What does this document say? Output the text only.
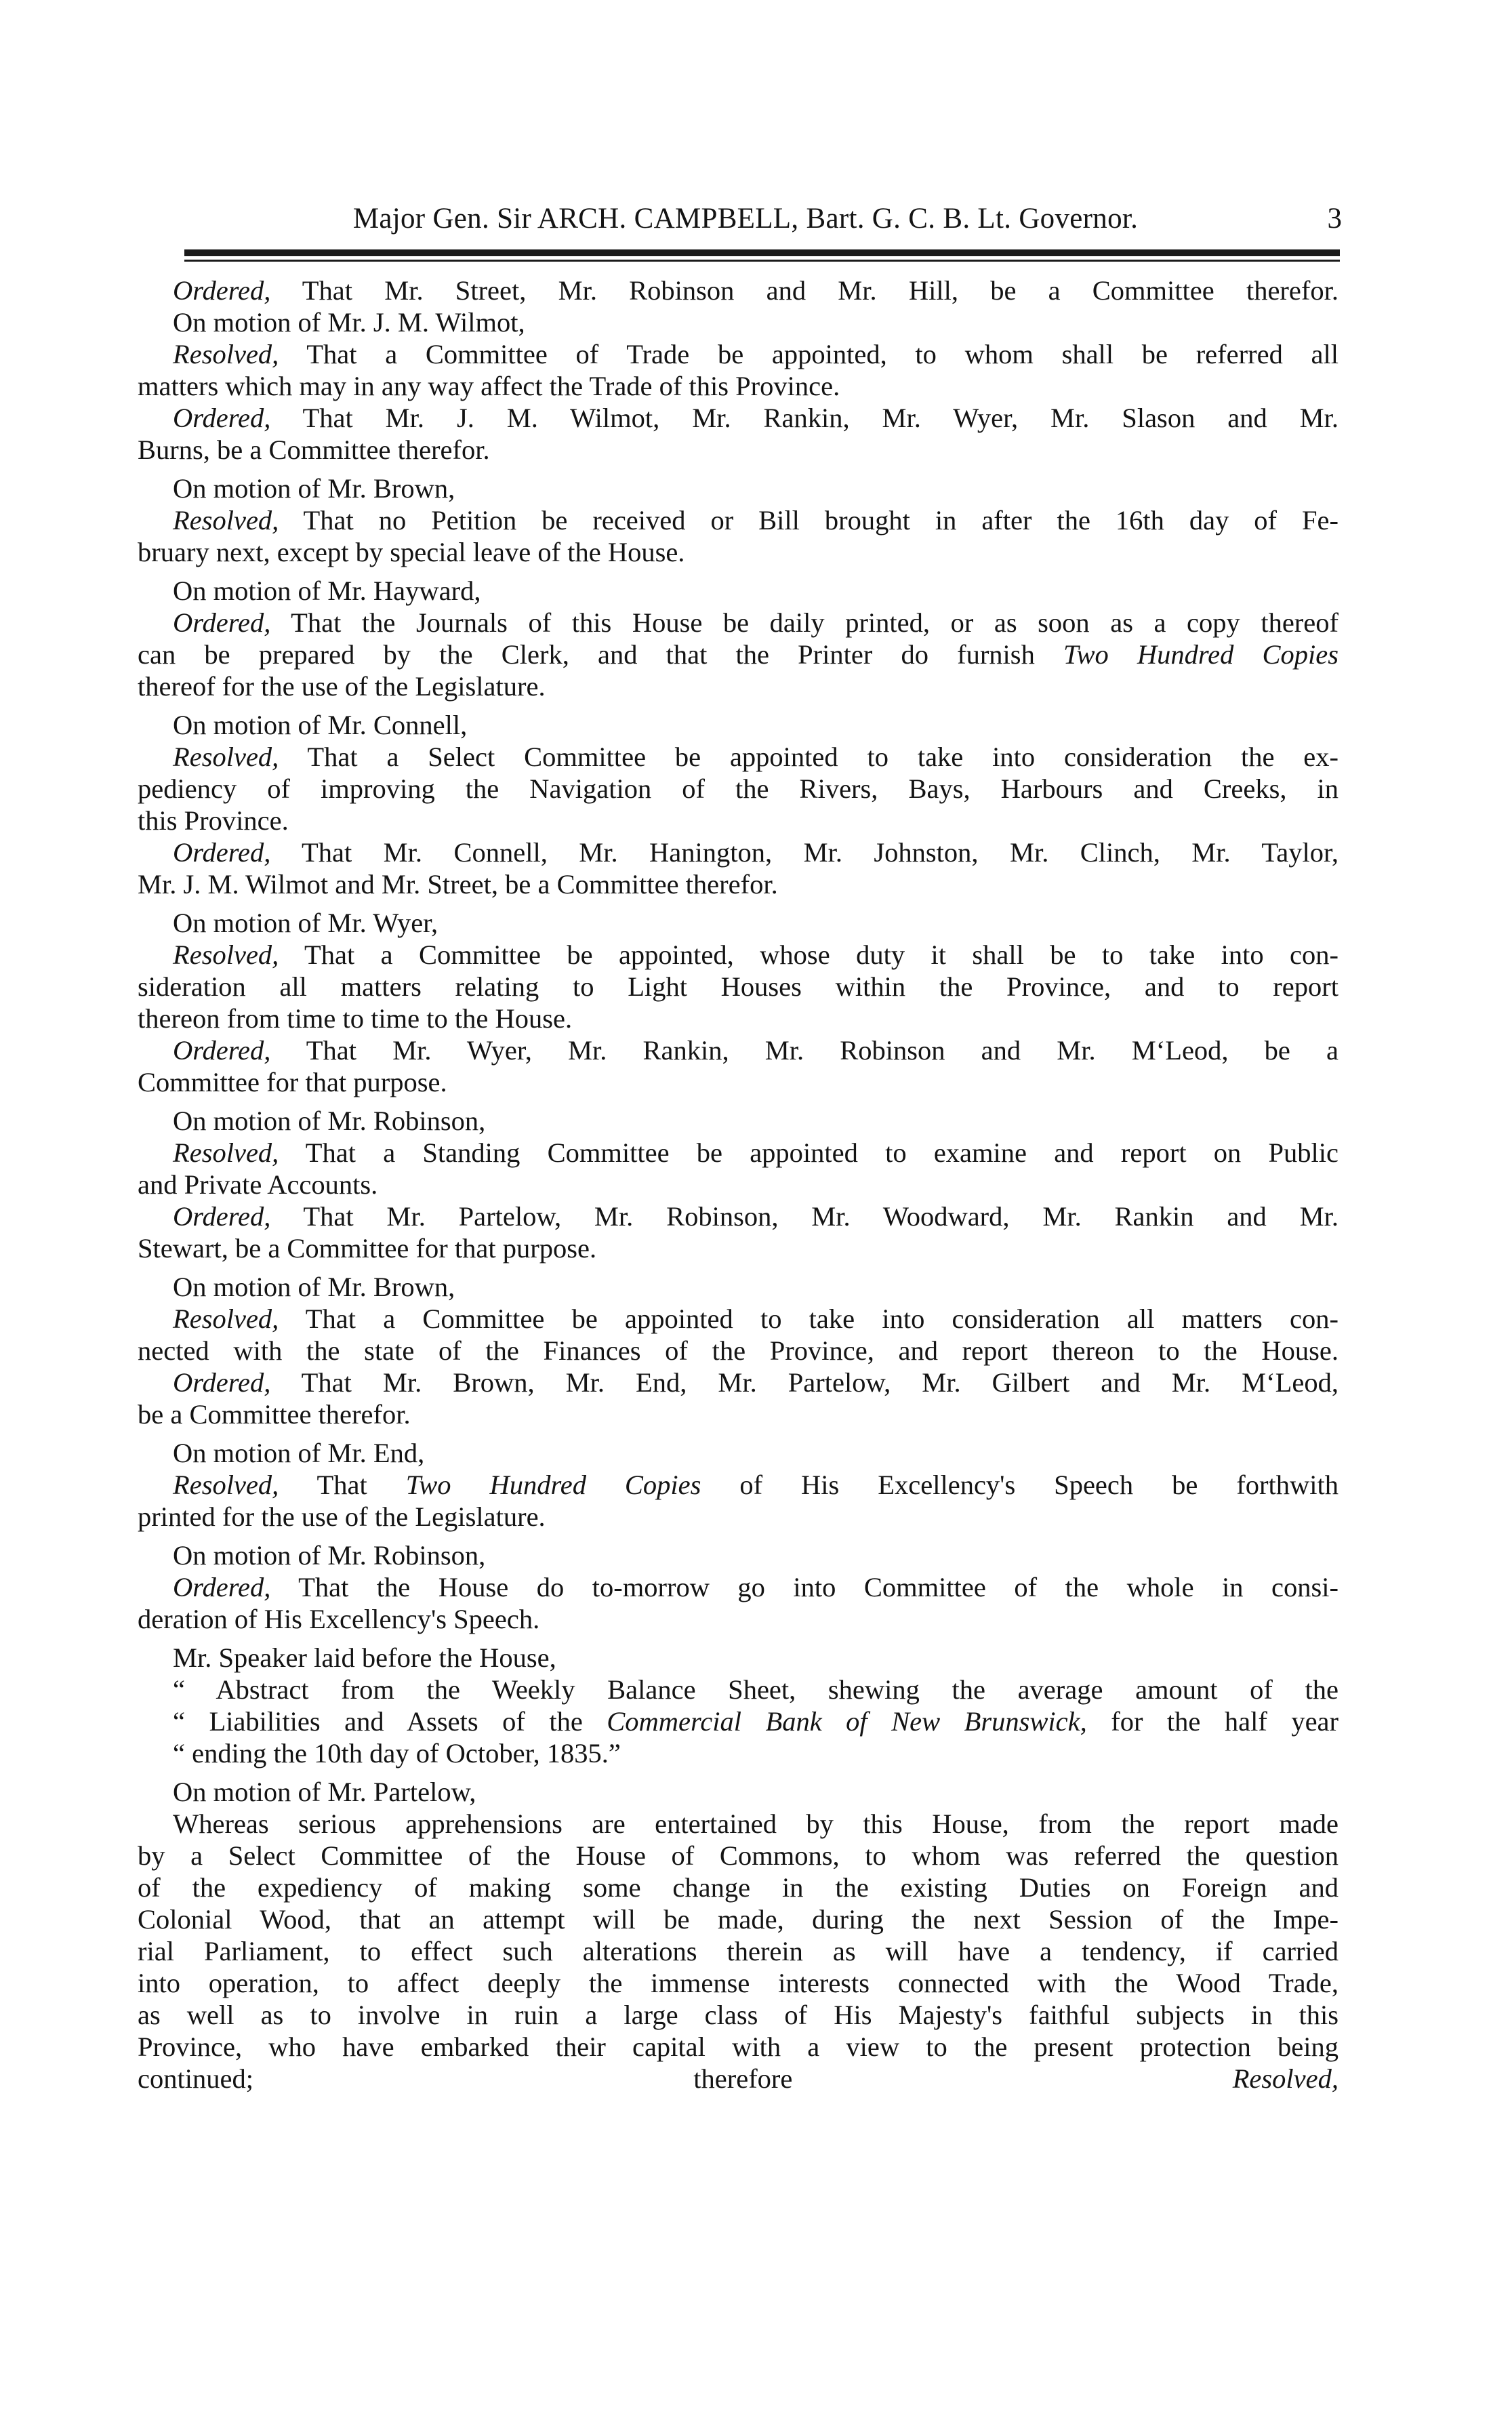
Major Gen. Sir ARCH. CAMPBELL, Bart. G. C. B. Lt. Governor.	3
Ordered, That Mr. Street, Mr. Robinson and Mr. Hill, be a Committee therefor.
On motion of Mr. J. M. Wilmot,
Resolved, That a Committee of Trade be appointed, to whom shall be referred all
matters which may in any way affect the Trade of this Province.
Ordered, That Mr. J. M. Wilmot, Mr. Rankin, Mr. Wyer, Mr. Slason and Mr.
Burns, be a Committee therefor.
On motion of Mr. Brown,
Resolved, That no Petition be received or Bill brought in after the 16th day of Fe-
bruary next, except by special leave of the House.
On motion of Mr. Hayward,
Ordered, That the Journals of this House be daily printed, or as soon as a copy thereof
can be prepared by the Clerk, and that the Printer do furnish Two Hundred Copies
thereof for the use of the Legislature.
On motion of Mr. Connell,
Resolved, That a Select Committee be appointed to take into consideration the ex-
pediency of improving the Navigation of the Rivers, Bays, Harbours and Creeks, in
this Province.
Ordered, That Mr. Connell, Mr. Hanington, Mr. Johnston, Mr. Clinch, Mr. Taylor,
Mr. J. M. Wilmot and Mr. Street, be a Committee therefor.
On motion of Mr. Wyer,
Resolved, That a Committee be appointed, whose duty it shall be to take into con-
sideration all matters relating to Light Houses within the Province, and to report
thereon from time to time to the House.
Ordered, That Mr. Wyer, Mr. Rankin, Mr. Robinson and Mr. M‘Leod, be a
Committee for that purpose.
On motion of Mr. Robinson,
Resolved, That a Standing Committee be appointed to examine and report on Public
and Private Accounts.
Ordered, That Mr. Partelow, Mr. Robinson, Mr. Woodward, Mr. Rankin and Mr.
Stewart, be a Committee for that purpose.
On motion of Mr. Brown,
Resolved, That a Committee be appointed to take into consideration all matters con-
nected with the state of the Finances of the Province, and report thereon to the House.
Ordered, That Mr. Brown, Mr. End, Mr. Partelow, Mr. Gilbert and Mr. M‘Leod,
be a Committee therefor.
On motion of Mr. End,
Resolved, That Two Hundred Copies of His Excellency's Speech be forthwith
printed for the use of the Legislature.
On motion of Mr. Robinson,
Ordered, That the House do to-morrow go into Committee of the whole in consi-
deration of His Excellency's Speech.
Mr. Speaker laid before the House,
“ Abstract from the Weekly Balance Sheet, shewing the average amount of the
“ Liabilities and Assets of the Commercial Bank of New Brunswick, for the half year
“ ending the 10th day of October, 1835.”
On motion of Mr. Partelow,
Whereas serious apprehensions are entertained by this House, from the report made
by a Select Committee of the House of Commons, to whom was referred the question
of the expediency of making some change in the existing Duties on Foreign and
Colonial Wood, that an attempt will be made, during the next Session of the Impe-
rial Parliament, to effect such alterations therein as will have a tendency, if carried
into operation, to affect deeply the immense interests connected with the Wood Trade,
as well as to involve in ruin a large class of His Majesty's faithful subjects in this
Province, who have embarked their capital with a view to the present protection being
continued; therefore Resolved,
